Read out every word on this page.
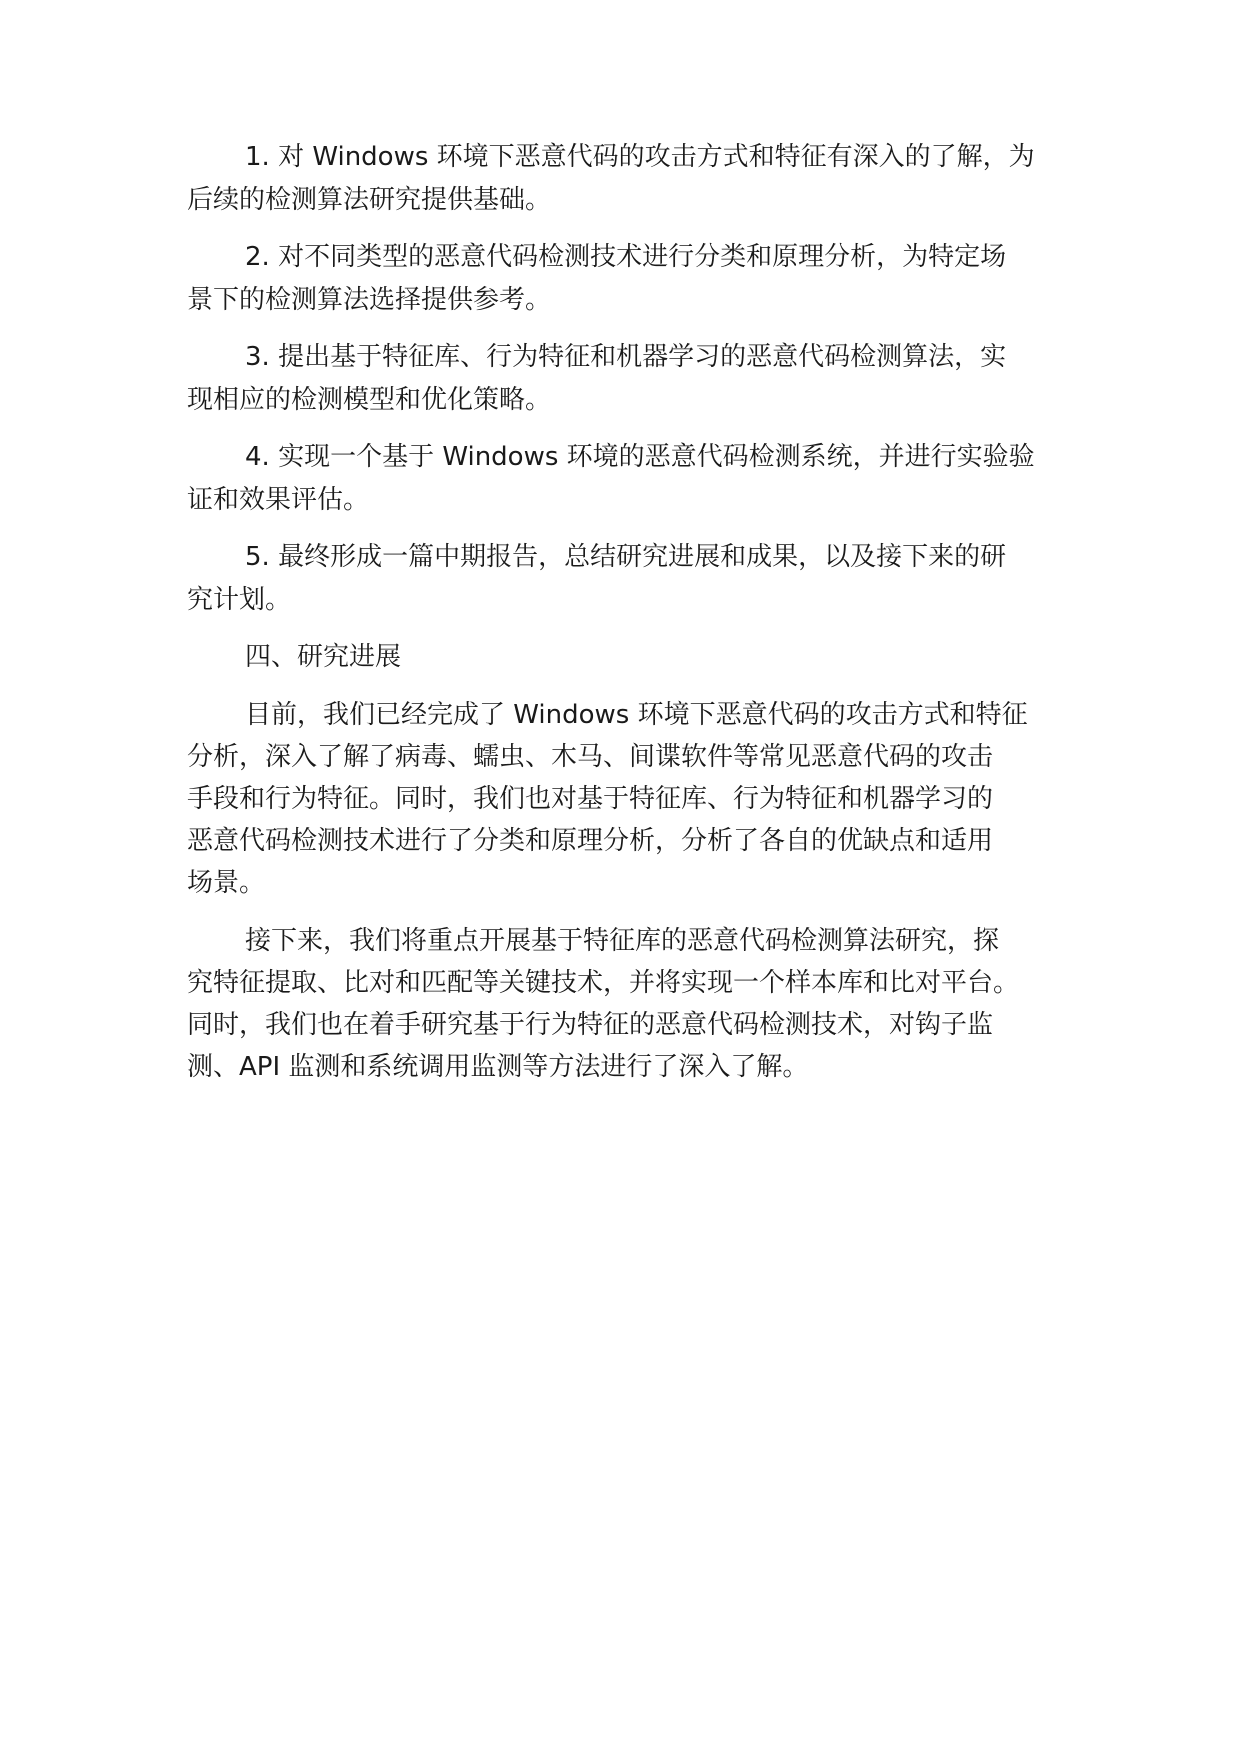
1. 对 Windows 环境下恶意代码的攻击方式和特征有深入的了解，为
后续的检测算法研究提供基础。
2. 对不同类型的恶意代码检测技术进行分类和原理分析，为特定场
景下的检测算法选择提供参考。
3. 提出基于特征库、行为特征和机器学习的恶意代码检测算法，实
现相应的检测模型和优化策略。
4. 实现一个基于 Windows 环境的恶意代码检测系统，并进行实验验
证和效果评估。
5. 最终形成一篇中期报告，总结研究进展和成果，以及接下来的研
究计划。
四、研究进展
目前，我们已经完成了 Windows 环境下恶意代码的攻击方式和特征
分析，深入了解了病毒、蠕虫、木马、间谍软件等常见恶意代码的攻击
手段和行为特征。同时，我们也对基于特征库、行为特征和机器学习的
恶意代码检测技术进行了分类和原理分析，分析了各自的优缺点和适用
场景。
接下来，我们将重点开展基于特征库的恶意代码检测算法研究，探
究特征提取、比对和匹配等关键技术，并将实现一个样本库和比对平台。
同时，我们也在着手研究基于行为特征的恶意代码检测技术，对钩子监
测、API 监测和系统调用监测等方法进行了深入了解。
